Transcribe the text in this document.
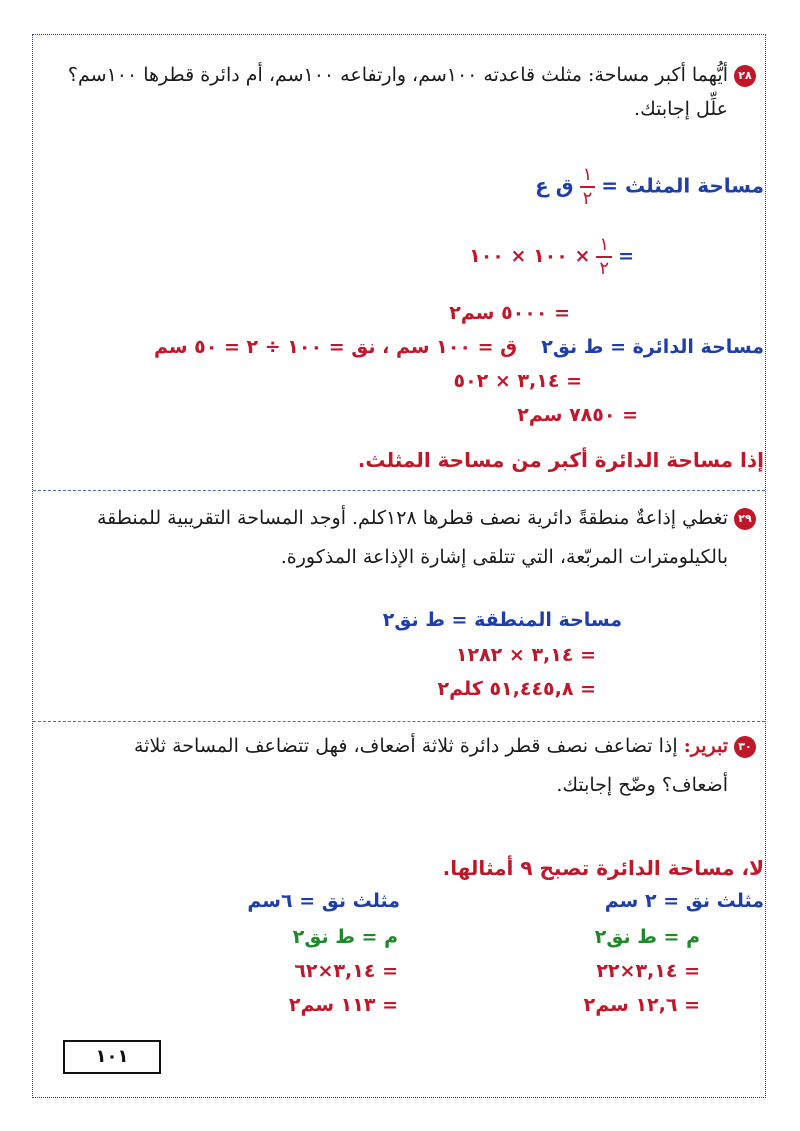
٢٨أيُّهما أكبر مساحة: مثلث قاعدته ١٠٠سم، وارتفاعه ١٠٠سم، أم دائرة قطرها ١٠٠سم؟
علِّل إجابتك.
مساحة المثلث =
$\frac{١}{٢}$
ق ع
=
$\frac{١}{٢}$
× ١٠٠ × ١٠٠
= ٥٠٠٠ سم٢
مساحة الدائرة = ط نق٢    ق = ١٠٠ سم ، نق = ١٠٠ ÷ ٢ = ٥٠ سم
= ٣,١٤ × ٥٠٢
= ٧٨٥٠ سم٢
إذا مساحة الدائرة أكبر من مساحة المثلث.
٢٩تغطي إذاعةٌ منطقةً دائرية نصف قطرها ١٢٨كلم. أوجد المساحة التقريبية للمنطقة
بالكيلومترات المربّعة، التي تتلقى إشارة الإذاعة المذكورة.
مساحة المنطقة = ط نق٢
= ٣,١٤ × ١٢٨٢
= ٥١,٤٤٥,٨ كلم٢
٣٠تبرير: إذا تضاعف نصف قطر دائرة ثلاثة أضعاف، فهل تتضاعف المساحة ثلاثة
أضعاف؟ وضّح إجابتك.
لا، مساحة الدائرة تصبح ٩ أمثالها.
مثلث نق = ٢ سم
م = ط نق٢
= ٣,١٤×٢٢
= ١٢,٦ سم٢
مثلث نق = ٦سم
م = ط نق٢
= ٣,١٤×٦٢
= ١١٣ سم٢
١٠١
